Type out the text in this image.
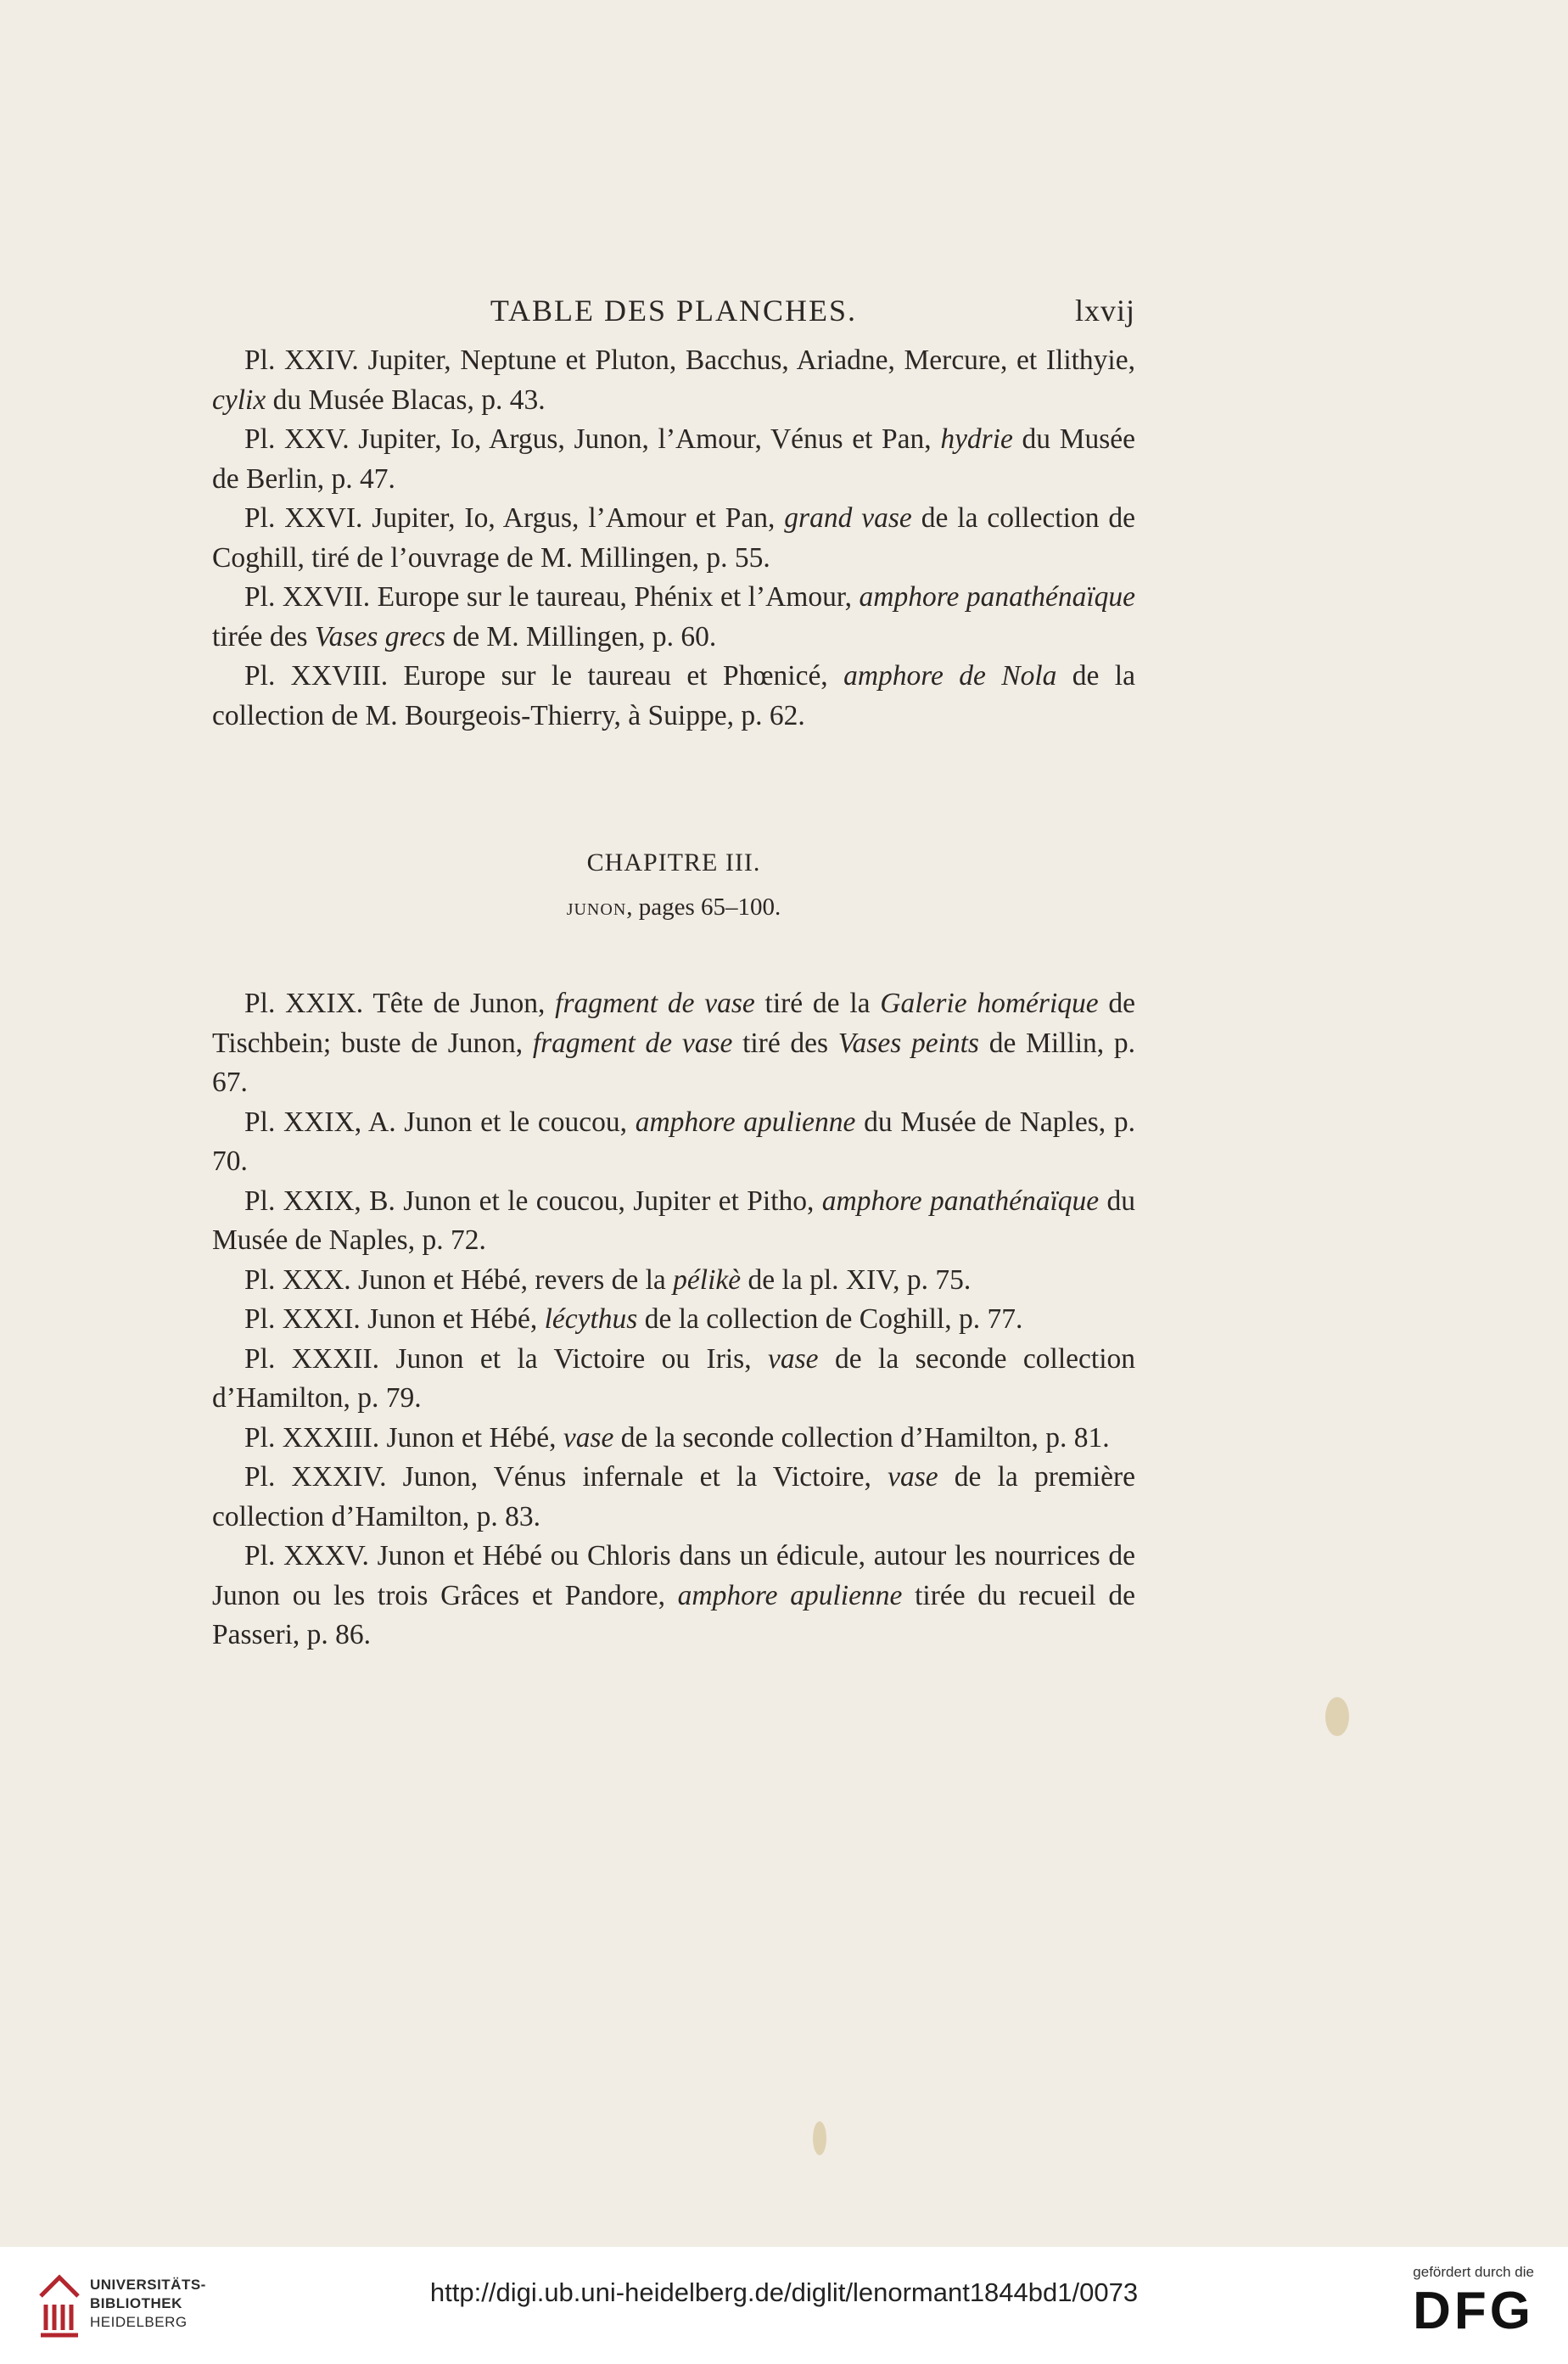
TABLE DES PLANCHES.	lxvij

Pl. XXIV. Jupiter, Neptune et Pluton, Bacchus, Ariadne, Mercure, et Ilithyie, cylix du Musée Blacas, p. 43.

Pl. XXV. Jupiter, Io, Argus, Junon, l’Amour, Vénus et Pan, hydrie du Musée de Berlin, p. 47.

Pl. XXVI. Jupiter, Io, Argus, l’Amour et Pan, grand vase de la collection de Coghill, tiré de l’ouvrage de M. Millingen, p. 55.

Pl. XXVII. Europe sur le taureau, Phénix et l’Amour, amphore panathénaïque tirée des Vases grecs de M. Millingen, p. 60.

Pl. XXVIII. Europe sur le taureau et Phœnicé, amphore de Nola de la collection de M. Bourgeois-Thierry, à Suippe, p. 62.

CHAPITRE III.
junon, pages 65–100.

Pl. XXIX. Tête de Junon, fragment de vase tiré de la Galerie homérique de Tischbein; buste de Junon, fragment de vase tiré des Vases peints de Millin, p. 67.

Pl. XXIX, A. Junon et le coucou, amphore apulienne du Musée de Naples, p. 70.

Pl. XXIX, B. Junon et le coucou, Jupiter et Pitho, amphore panathénaïque du Musée de Naples, p. 72.

Pl. XXX. Junon et Hébé, revers de la pélikè de la pl. XIV, p. 75.

Pl. XXXI. Junon et Hébé, lécythus de la collection de Coghill, p. 77.

Pl. XXXII. Junon et la Victoire ou Iris, vase de la seconde collection d’Hamilton, p. 79.

Pl. XXXIII. Junon et Hébé, vase de la seconde collection d’Hamilton, p. 81.

Pl. XXXIV. Junon, Vénus infernale et la Victoire, vase de la première collection d’Hamilton, p. 83.

Pl. XXXV. Junon et Hébé ou Chloris dans un édicule, autour les nourrices de Junon ou les trois Grâces et Pandore, amphore apulienne tirée du recueil de Passeri, p. 86.

UNIVERSITÄTS-
BIBLIOTHEK
HEIDELBERG
http://digi.ub.uni-heidelberg.de/diglit/lenormant1844bd1/0073
gefördert durch die
DFG
